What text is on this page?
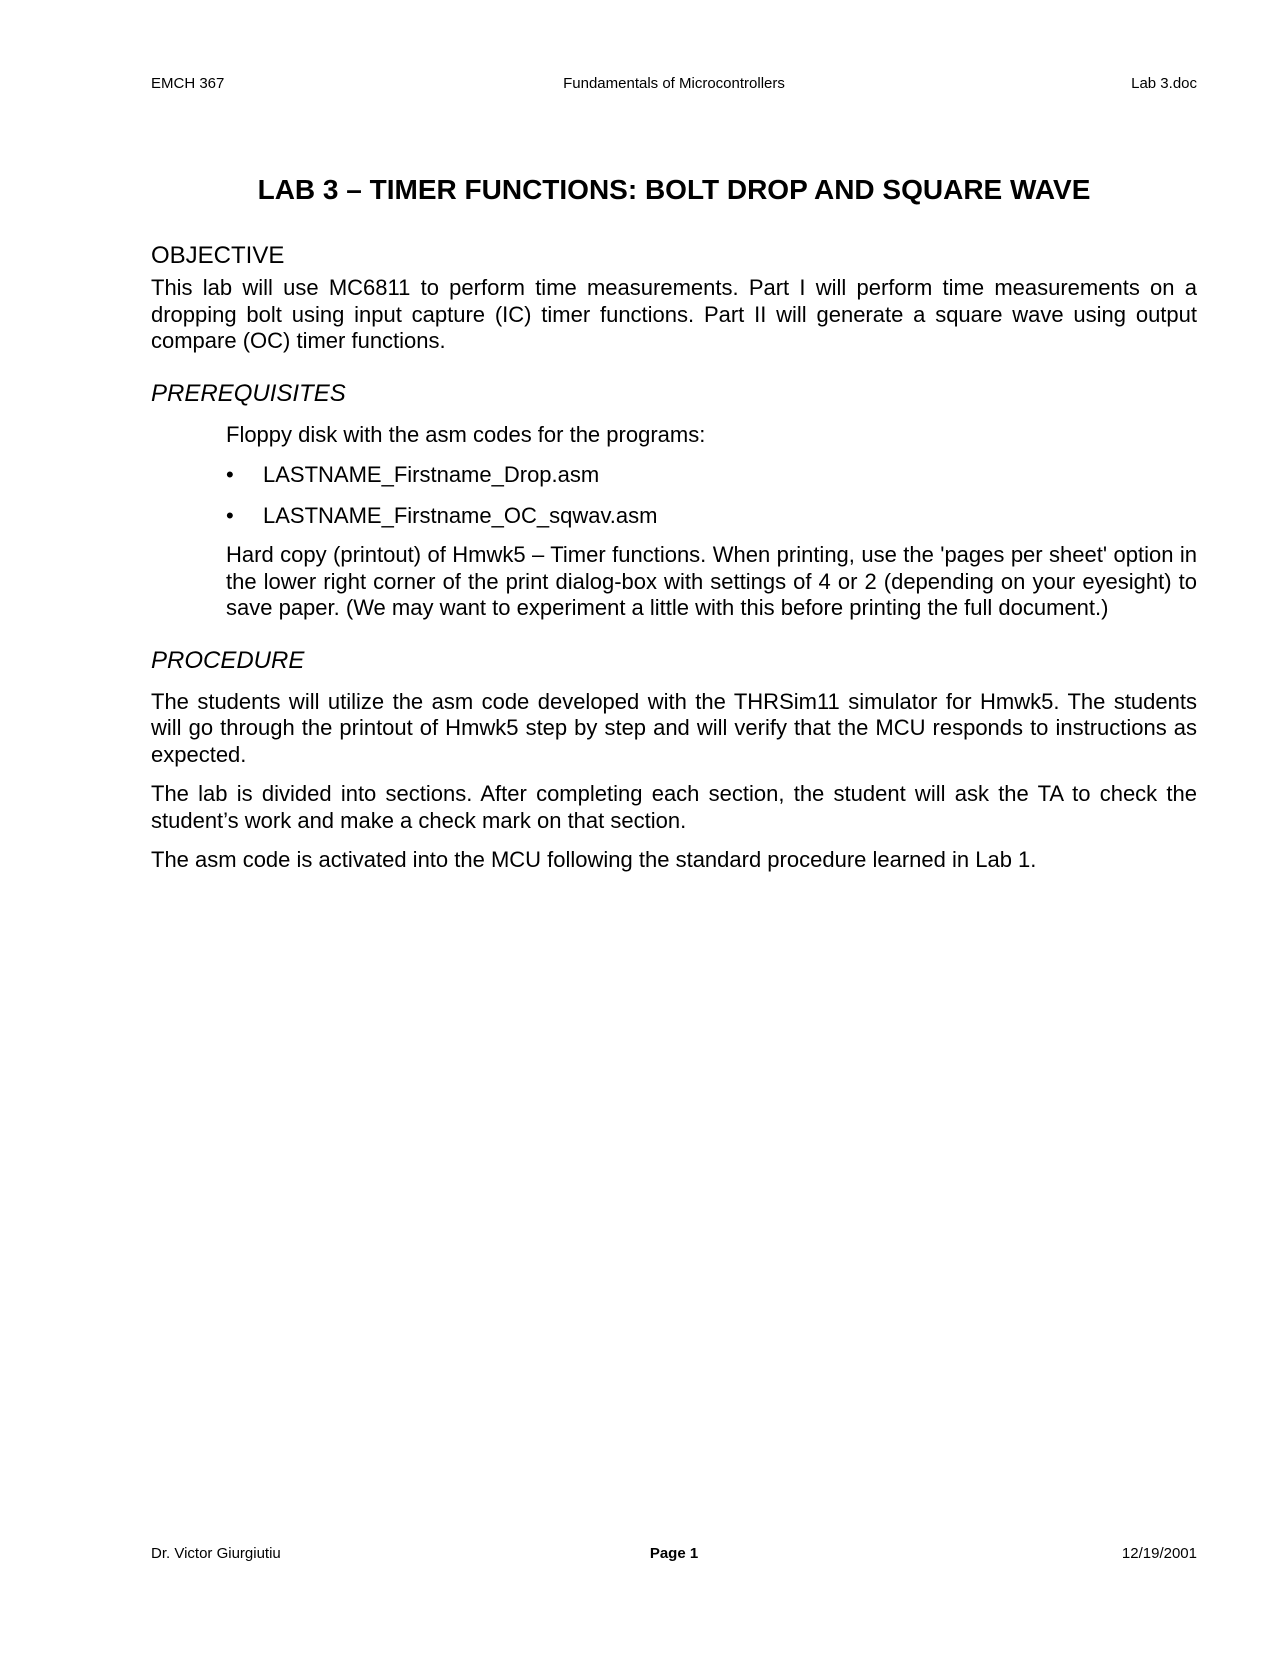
EMCH 367	Fundamentals of Microcontrollers	Lab 3.doc
LAB 3 – TIMER FUNCTIONS: BOLT DROP AND SQUARE WAVE
OBJECTIVE

This lab will use MC6811 to perform time measurements. Part I will perform time measurements on a dropping bolt using input capture (IC) timer functions. Part II will generate a square wave using output compare (OC) timer functions.

PREREQUISITES

Floppy disk with the asm codes for the programs:

• LASTNAME_Firstname_Drop.asm
• LASTNAME_Firstname_OC_sqwav.asm

Hard copy (printout) of Hmwk5 – Timer functions. When printing, use the 'pages per sheet' option in the lower right corner of the print dialog-box with settings of 4 or 2 (depending on your eyesight) to save paper. (We may want to experiment a little with this before printing the full document.)

PROCEDURE

The students will utilize the asm code developed with the THRSim11 simulator for Hmwk5. The students will go through the printout of Hmwk5 step by step and will verify that the MCU responds to instructions as expected.

The lab is divided into sections. After completing each section, the student will ask the TA to check the student’s work and make a check mark on that section.

The asm code is activated into the MCU following the standard procedure learned in Lab 1.

Dr. Victor Giurgiutiu	Page 1	12/19/2001
